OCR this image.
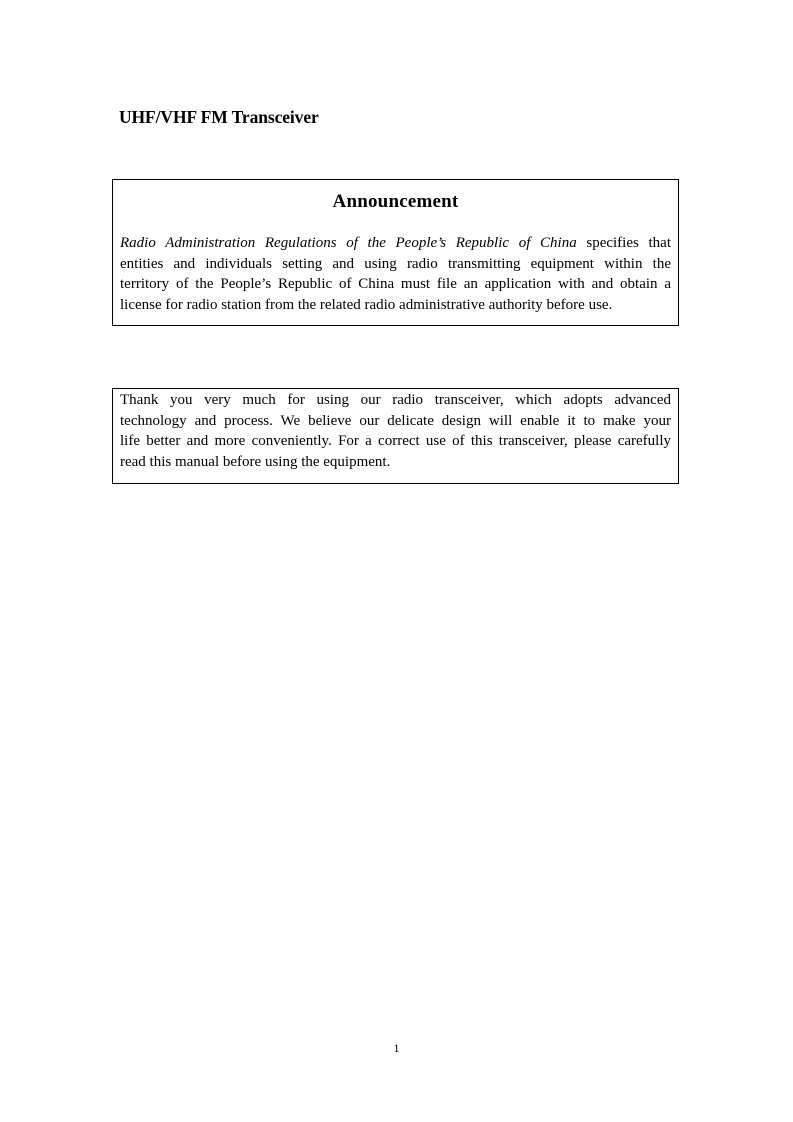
UHF/VHF FM Transceiver
Announcement
Radio Administration Regulations of the People’s Republic of China specifies that
entities and individuals setting and using radio transmitting equipment within the
territory of the People’s Republic of China must file an application with and obtain a
license for radio station from the related radio administrative authority before use.
Thank you very much for using our radio transceiver, which adopts advanced
technology and process. We believe our delicate design will enable it to make your
life better and more conveniently. For a correct use of this transceiver, please carefully
read this manual before using the equipment.
1
